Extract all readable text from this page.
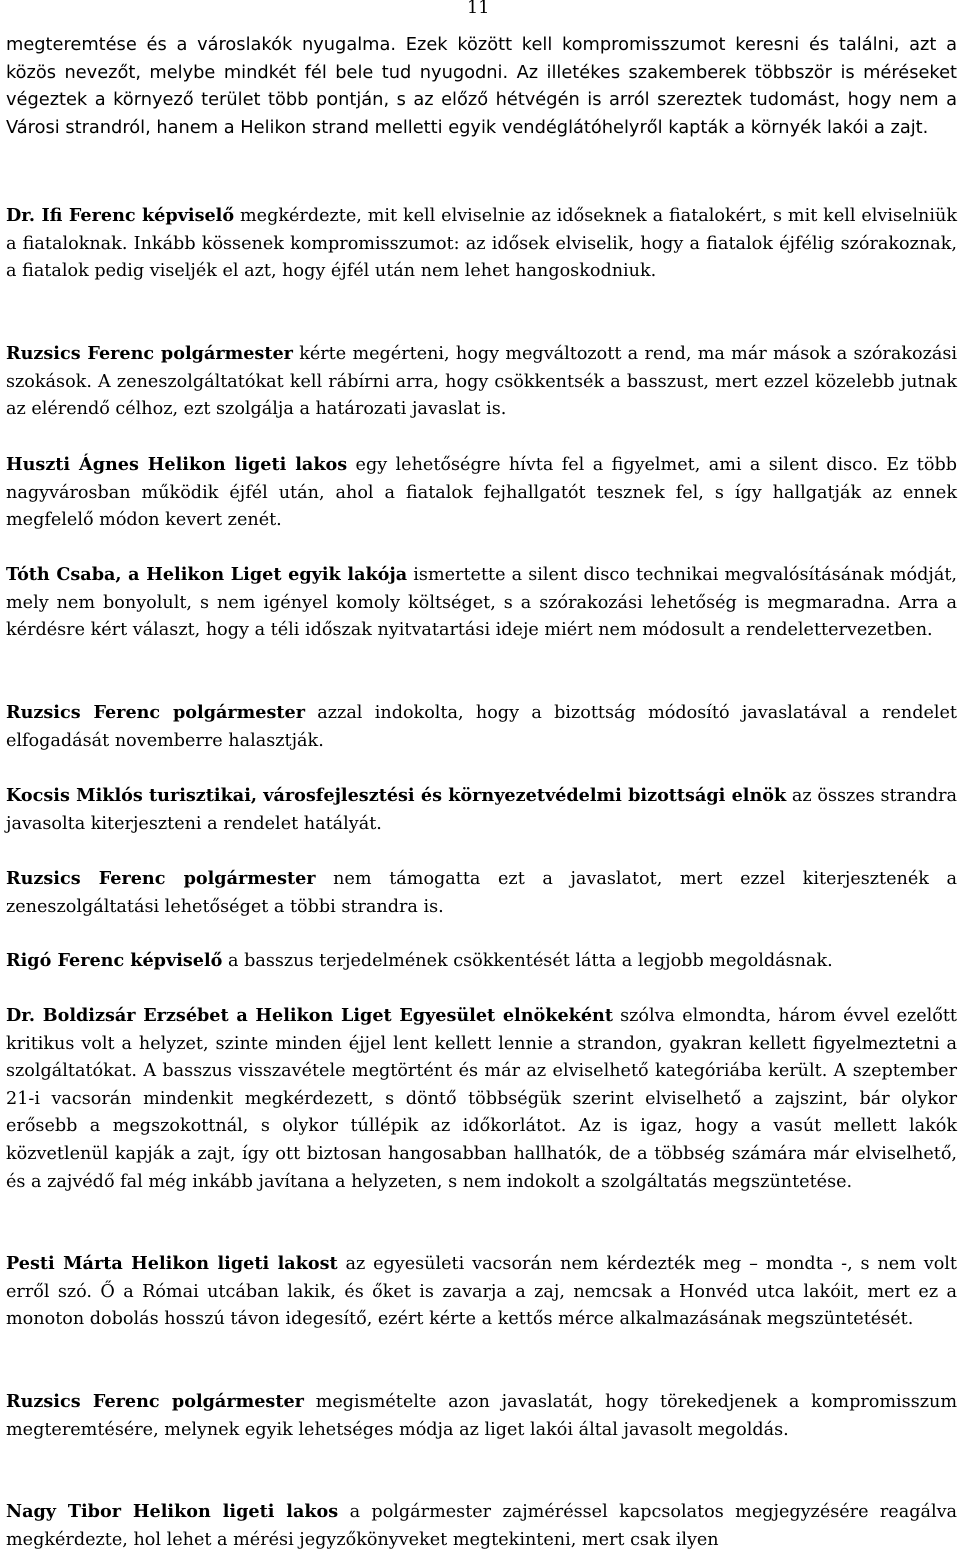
11

megteremtése és a városlakók nyugalma. Ezek között kell kompromisszumot keresni és találni, azt a közös nevezőt, melybe mindkét fél bele tud nyugodni. Az illetékes szakemberek többször is méréseket végeztek a környező terület több pontján, s az előző hétvégén is arról szereztek tudomást, hogy nem a Városi strandról, hanem a Helikon strand melletti egyik vendéglátóhelyről kapták a környék lakói a zajt.

Dr. Ifi Ferenc képviselő megkérdezte, mit kell elviselnie az időseknek a fiatalokért, s mit kell elviselniük a fiataloknak. Inkább kössenek kompromisszumot: az idősek elviselik, hogy a fiatalok éjfélig szórakoznak, a fiatalok pedig viseljék el azt, hogy éjfél után nem lehet hangoskodniuk.

Ruzsics Ferenc polgármester kérte megérteni, hogy megváltozott a rend, ma már mások a szórakozási szokások. A zeneszolgáltatókat kell rábírni arra, hogy csökkentsék a basszust, mert ezzel közelebb jutnak az elérendő célhoz, ezt szolgálja a határozati javaslat is.

Huszti Ágnes Helikon ligeti lakos egy lehetőségre hívta fel a figyelmet, ami a silent disco. Ez több nagyvárosban működik éjfél után, ahol a fiatalok fejhallgatót tesznek fel, s így hallgatják az ennek megfelelő módon kevert zenét.

Tóth Csaba, a Helikon Liget egyik lakója ismertette a silent disco technikai megvalósításának módját, mely nem bonyolult, s nem igényel komoly költséget, s a szórakozási lehetőség is megmaradna. Arra a kérdésre kért választ, hogy a téli időszak nyitvatartási ideje miért nem módosult a rendelettervezetben.

Ruzsics Ferenc polgármester azzal indokolta, hogy a bizottság módosító javaslatával a rendelet elfogadását novemberre halasztják.

Kocsis Miklós turisztikai, városfejlesztési és környezetvédelmi bizottsági elnök az összes strandra javasolta kiterjeszteni a rendelet hatályát.

Ruzsics Ferenc polgármester nem támogatta ezt a javaslatot, mert ezzel kiterjesztenék a zeneszolgáltatási lehetőséget a többi strandra is.

Rigó Ferenc képviselő a basszus terjedelmének csökkentését látta a legjobb megoldásnak.

Dr. Boldizsár Erzsébet a Helikon Liget Egyesület elnökeként szólva elmondta, három évvel ezelőtt kritikus volt a helyzet, szinte minden éjjel lent kellett lennie a strandon, gyakran kellett figyelmeztetni a szolgáltatókat. A basszus visszavétele megtörtént és már az elviselhető kategóriába került. A szeptember 21-i vacsorán mindenkit megkérdezett, s döntő többségük szerint elviselhető a zajszint, bár olykor erősebb a megszokottnál, s olykor túllépik az időkorlátot. Az is igaz, hogy a vasút mellett lakók közvetlenül kapják a zajt, így ott biztosan hangosabban hallhatók, de a többség számára már elviselhető, és a zajvédő fal még inkább javítana a helyzeten, s nem indokolt a szolgáltatás megszüntetése.

Pesti Márta Helikon ligeti lakost az egyesületi vacsorán nem kérdezték meg – mondta -, s nem volt erről szó. Ő a Római utcában lakik, és őket is zavarja a zaj, nemcsak a Honvéd utca lakóit, mert ez a monoton dobolás hosszú távon idegesítő, ezért kérte a kettős mérce alkalmazásának megszüntetését.

Ruzsics Ferenc polgármester megismételte azon javaslatát, hogy törekedjenek a kompromisszum megteremtésére, melynek egyik lehetséges módja az liget lakói által javasolt megoldás.

Nagy Tibor Helikon ligeti lakos a polgármester zajméréssel kapcsolatos megjegyzésére reagálva megkérdezte, hol lehet a mérési jegyzőkönyveket megtekinteni, mert csak ilyen
